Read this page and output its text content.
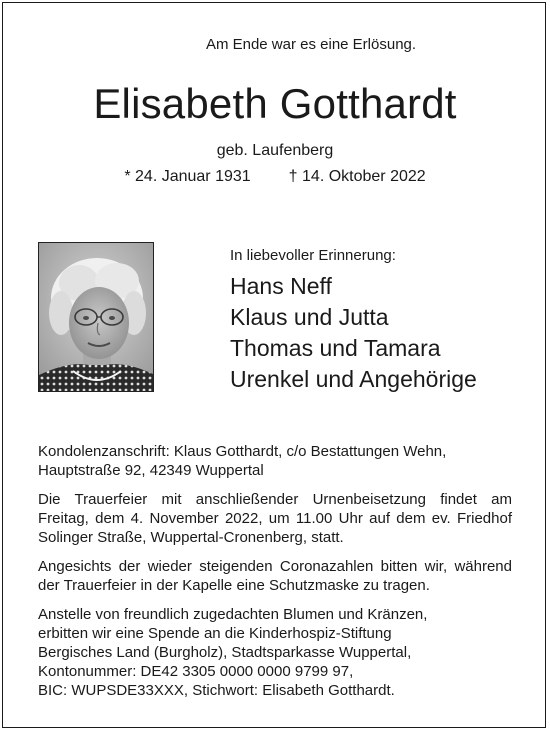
Am Ende war es eine Erlösung.
Elisabeth Gotthardt
geb. Laufenberg
* 24. Januar 1931 † 14. Oktober 2022
In liebevoller Erinnerung:
Hans Neff
Klaus und Jutta
Thomas und Tamara
Urenkel und Angehörige

Kondolenzanschrift: Klaus Gotthardt, c/o Bestattungen Wehn,
Hauptstraße 92, 42349 Wuppertal

Die Trauerfeier mit anschließender Urnenbeisetzung findet am
Freitag, dem 4. November 2022, um 11.00 Uhr auf dem ev. Friedhof
Solinger Straße, Wuppertal-Cronenberg, statt.

Angesichts der wieder steigenden Coronazahlen bitten wir, während
der Trauerfeier in der Kapelle eine Schutzmaske zu tragen.

Anstelle von freundlich zugedachten Blumen und Kränzen,
erbitten wir eine Spende an die Kinderhospiz-Stiftung
Bergisches Land (Burgholz), Stadtsparkasse Wuppertal,
Kontonummer: DE42 3305 0000 0000 9799 97,
BIC: WUPSDE33XXX, Stichwort: Elisabeth Gotthardt.
